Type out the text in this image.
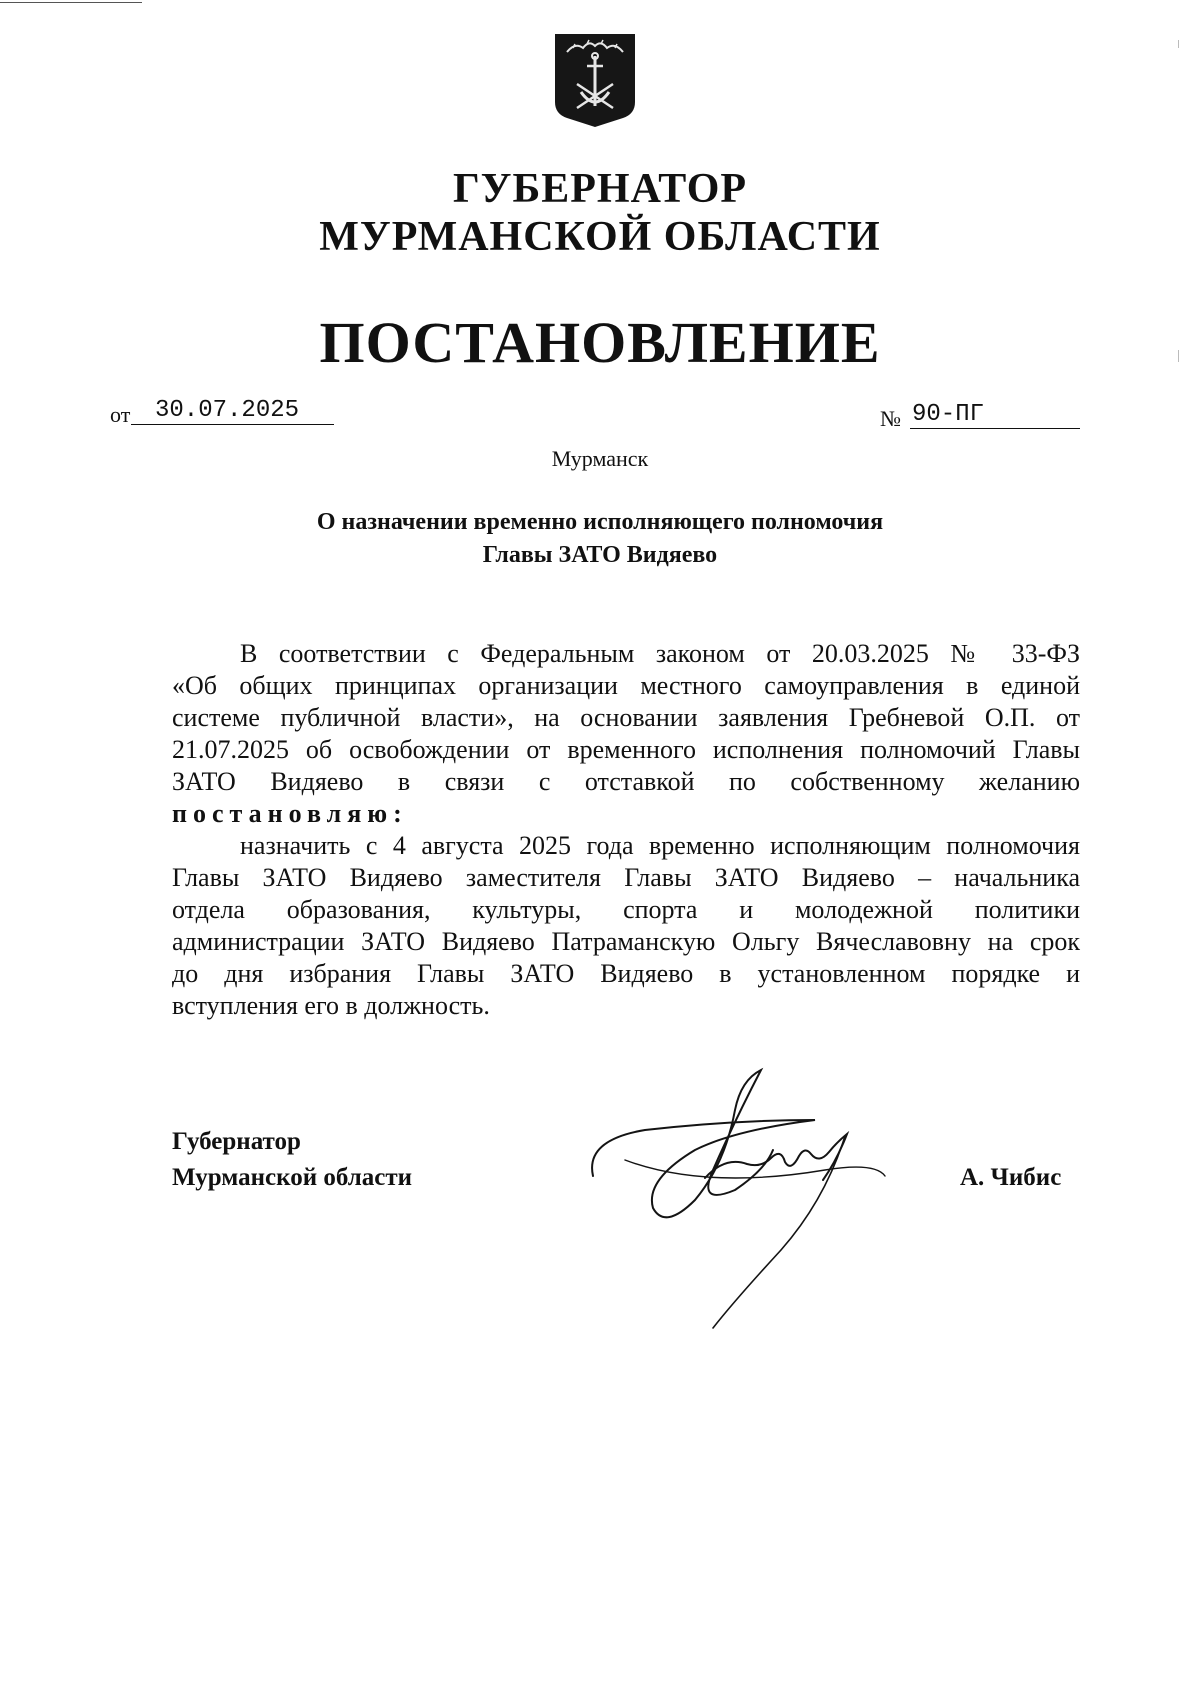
ГУБЕРНАТОР
МУРМАНСКОЙ ОБЛАСТИ
ПОСТАНОВЛЕНИЕ
от	30.07.2025	№ 90-ПГ
Мурманск
О назначении временно исполняющего полномочия
Главы ЗАТО Видяево
В соответствии с Федеральным законом от 20.03.2025 № 33-ФЗ
«Об общих принципах организации местного самоуправления в единой
системе публичной власти», на основании заявления Гребневой О.П. от
21.07.2025 об освобождении от временного исполнения полномочий Главы
ЗАТО Видяево в связи с отставкой по собственному желанию
постановляю:
назначить с 4 августа 2025 года временно исполняющим полномочия
Главы ЗАТО Видяево заместителя Главы ЗАТО Видяево – начальника
отдела образования, культуры, спорта и молодежной политики
администрации ЗАТО Видяево Патраманскую Ольгу Вячеславовну на срок
до дня избрания Главы ЗАТО Видяево в установленном порядке и
вступления его в должность.
Губернатор
Мурманской области	А. Чибис
